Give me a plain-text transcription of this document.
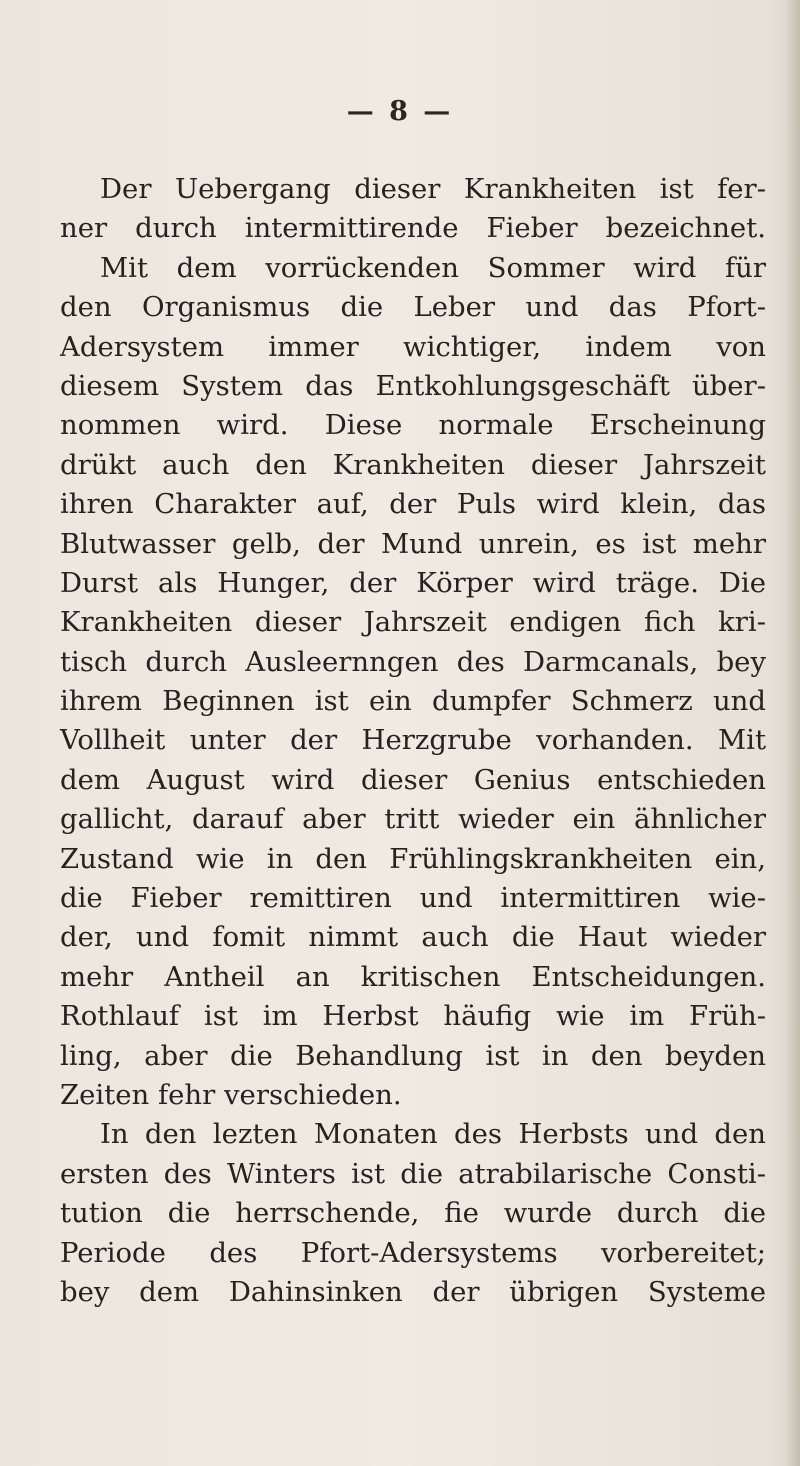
— 8 —
Der Uebergang dieser Krankheiten ist fer-
ner durch intermittirende Fieber bezeichnet.
Mit dem vorrückenden Sommer wird für
den Organismus die Leber und das Pfort-
Adersystem immer wichtiger, indem von
diesem System das Entkohlungsgeschäft über-
nommen wird. Diese normale Erscheinung
drükt auch den Krankheiten dieser Jahrszeit
ihren Charakter auf, der Puls wird klein, das
Blutwasser gelb, der Mund unrein, es ist mehr
Durst als Hunger, der Körper wird träge. Die
Krankheiten dieser Jahrszeit endigen fich kri-
tisch durch Ausleernngen des Darmcanals, bey
ihrem Beginnen ist ein dumpfer Schmerz und
Vollheit unter der Herzgrube vorhanden. Mit
dem August wird dieser Genius entschieden
gallicht, darauf aber tritt wieder ein ähnlicher
Zustand wie in den Frühlingskrankheiten ein,
die Fieber remittiren und intermittiren wie-
der, und fomit nimmt auch die Haut wieder
mehr Antheil an kritischen Entscheidungen.
Rothlauf ist im Herbst häufig wie im Früh-
ling, aber die Behandlung ist in den beyden
Zeiten fehr verschieden.
In den lezten Monaten des Herbsts und den
ersten des Winters ist die atrabilarische Consti-
tution die herrschende, fie wurde durch die
Periode des Pfort-Adersystems vorbereitet;
bey dem Dahinsinken der übrigen Systeme
